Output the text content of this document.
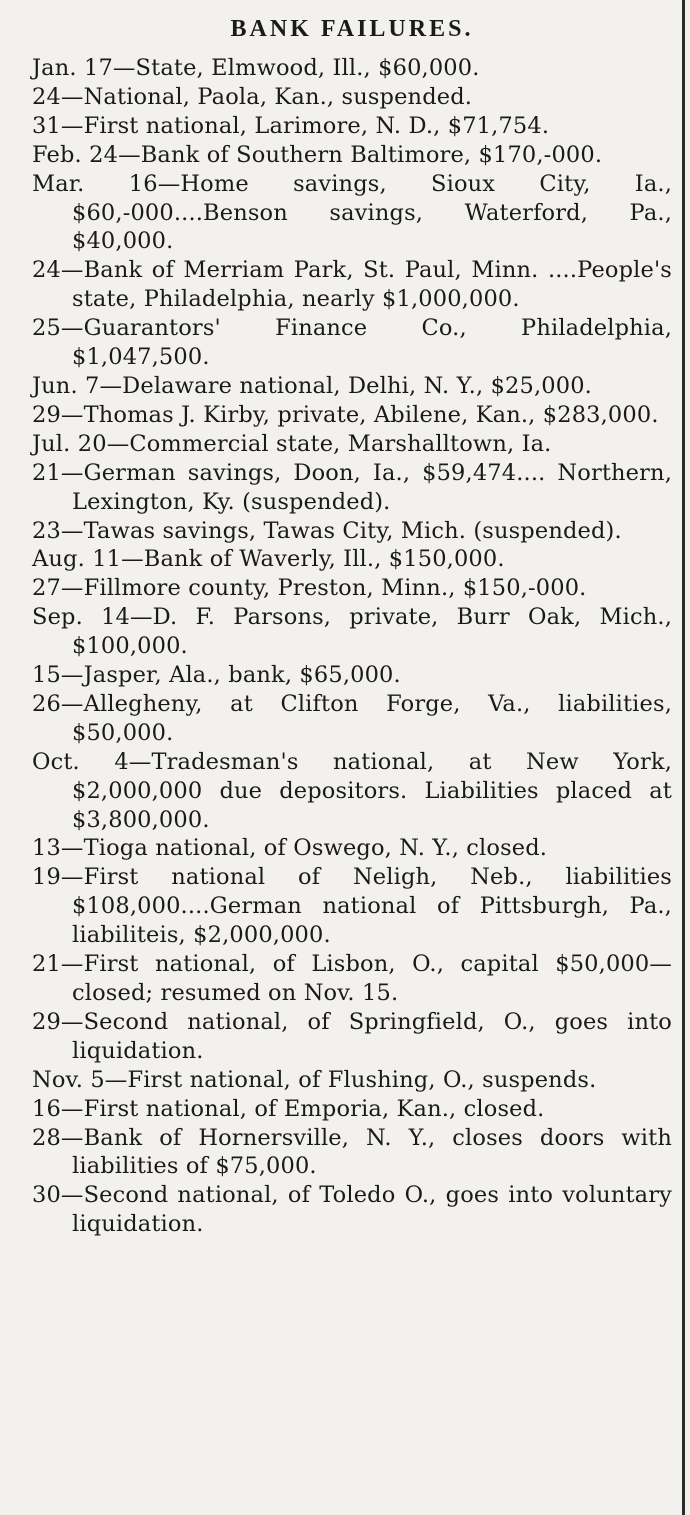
BANK FAILURES.

Jan. 17—State, Elmwood, Ill., $60,000.

24—National, Paola, Kan., suspended.

31—First national, Larimore, N. D., $71,754.

Feb. 24—Bank of Southern Baltimore, $170,-000.

Mar. 16—Home savings, Sioux City, Ia., $60,-000....Benson savings, Waterford, Pa., $40,000.

24—Bank of Merriam Park, St. Paul, Minn. ....People's state, Philadelphia, nearly $1,000,000.

25—Guarantors' Finance Co., Philadelphia, $1,047,500.

Jun. 7—Delaware national, Delhi, N. Y., $25,000.

29—Thomas J. Kirby, private, Abilene, Kan., $283,000.

Jul. 20—Commercial state, Marshalltown, Ia.

21—German savings, Doon, Ia., $59,474.... Northern, Lexington, Ky. (suspended).

23—Tawas savings, Tawas City, Mich. (suspended).

Aug. 11—Bank of Waverly, Ill., $150,000.

27—Fillmore county, Preston, Minn., $150,-000.

Sep. 14—D. F. Parsons, private, Burr Oak, Mich., $100,000.

15—Jasper, Ala., bank, $65,000.

26—Allegheny, at Clifton Forge, Va., liabilities, $50,000.

Oct. 4—Tradesman's national, at New York, $2,000,000 due depositors. Liabilities placed at $3,800,000.

13—Tioga national, of Oswego, N. Y., closed.

19—First national of Neligh, Neb., liabilities $108,000....German national of Pittsburgh, Pa., liabiliteis, $2,000,000.

21—First national, of Lisbon, O., capital $50,000—closed; resumed on Nov. 15.

29—Second national, of Springfield, O., goes into liquidation.

Nov. 5—First national, of Flushing, O., suspends.

16—First national, of Emporia, Kan., closed.

28—Bank of Hornersville, N. Y., closes doors with liabilities of $75,000.

30—Second national, of Toledo O., goes into voluntary liquidation.
